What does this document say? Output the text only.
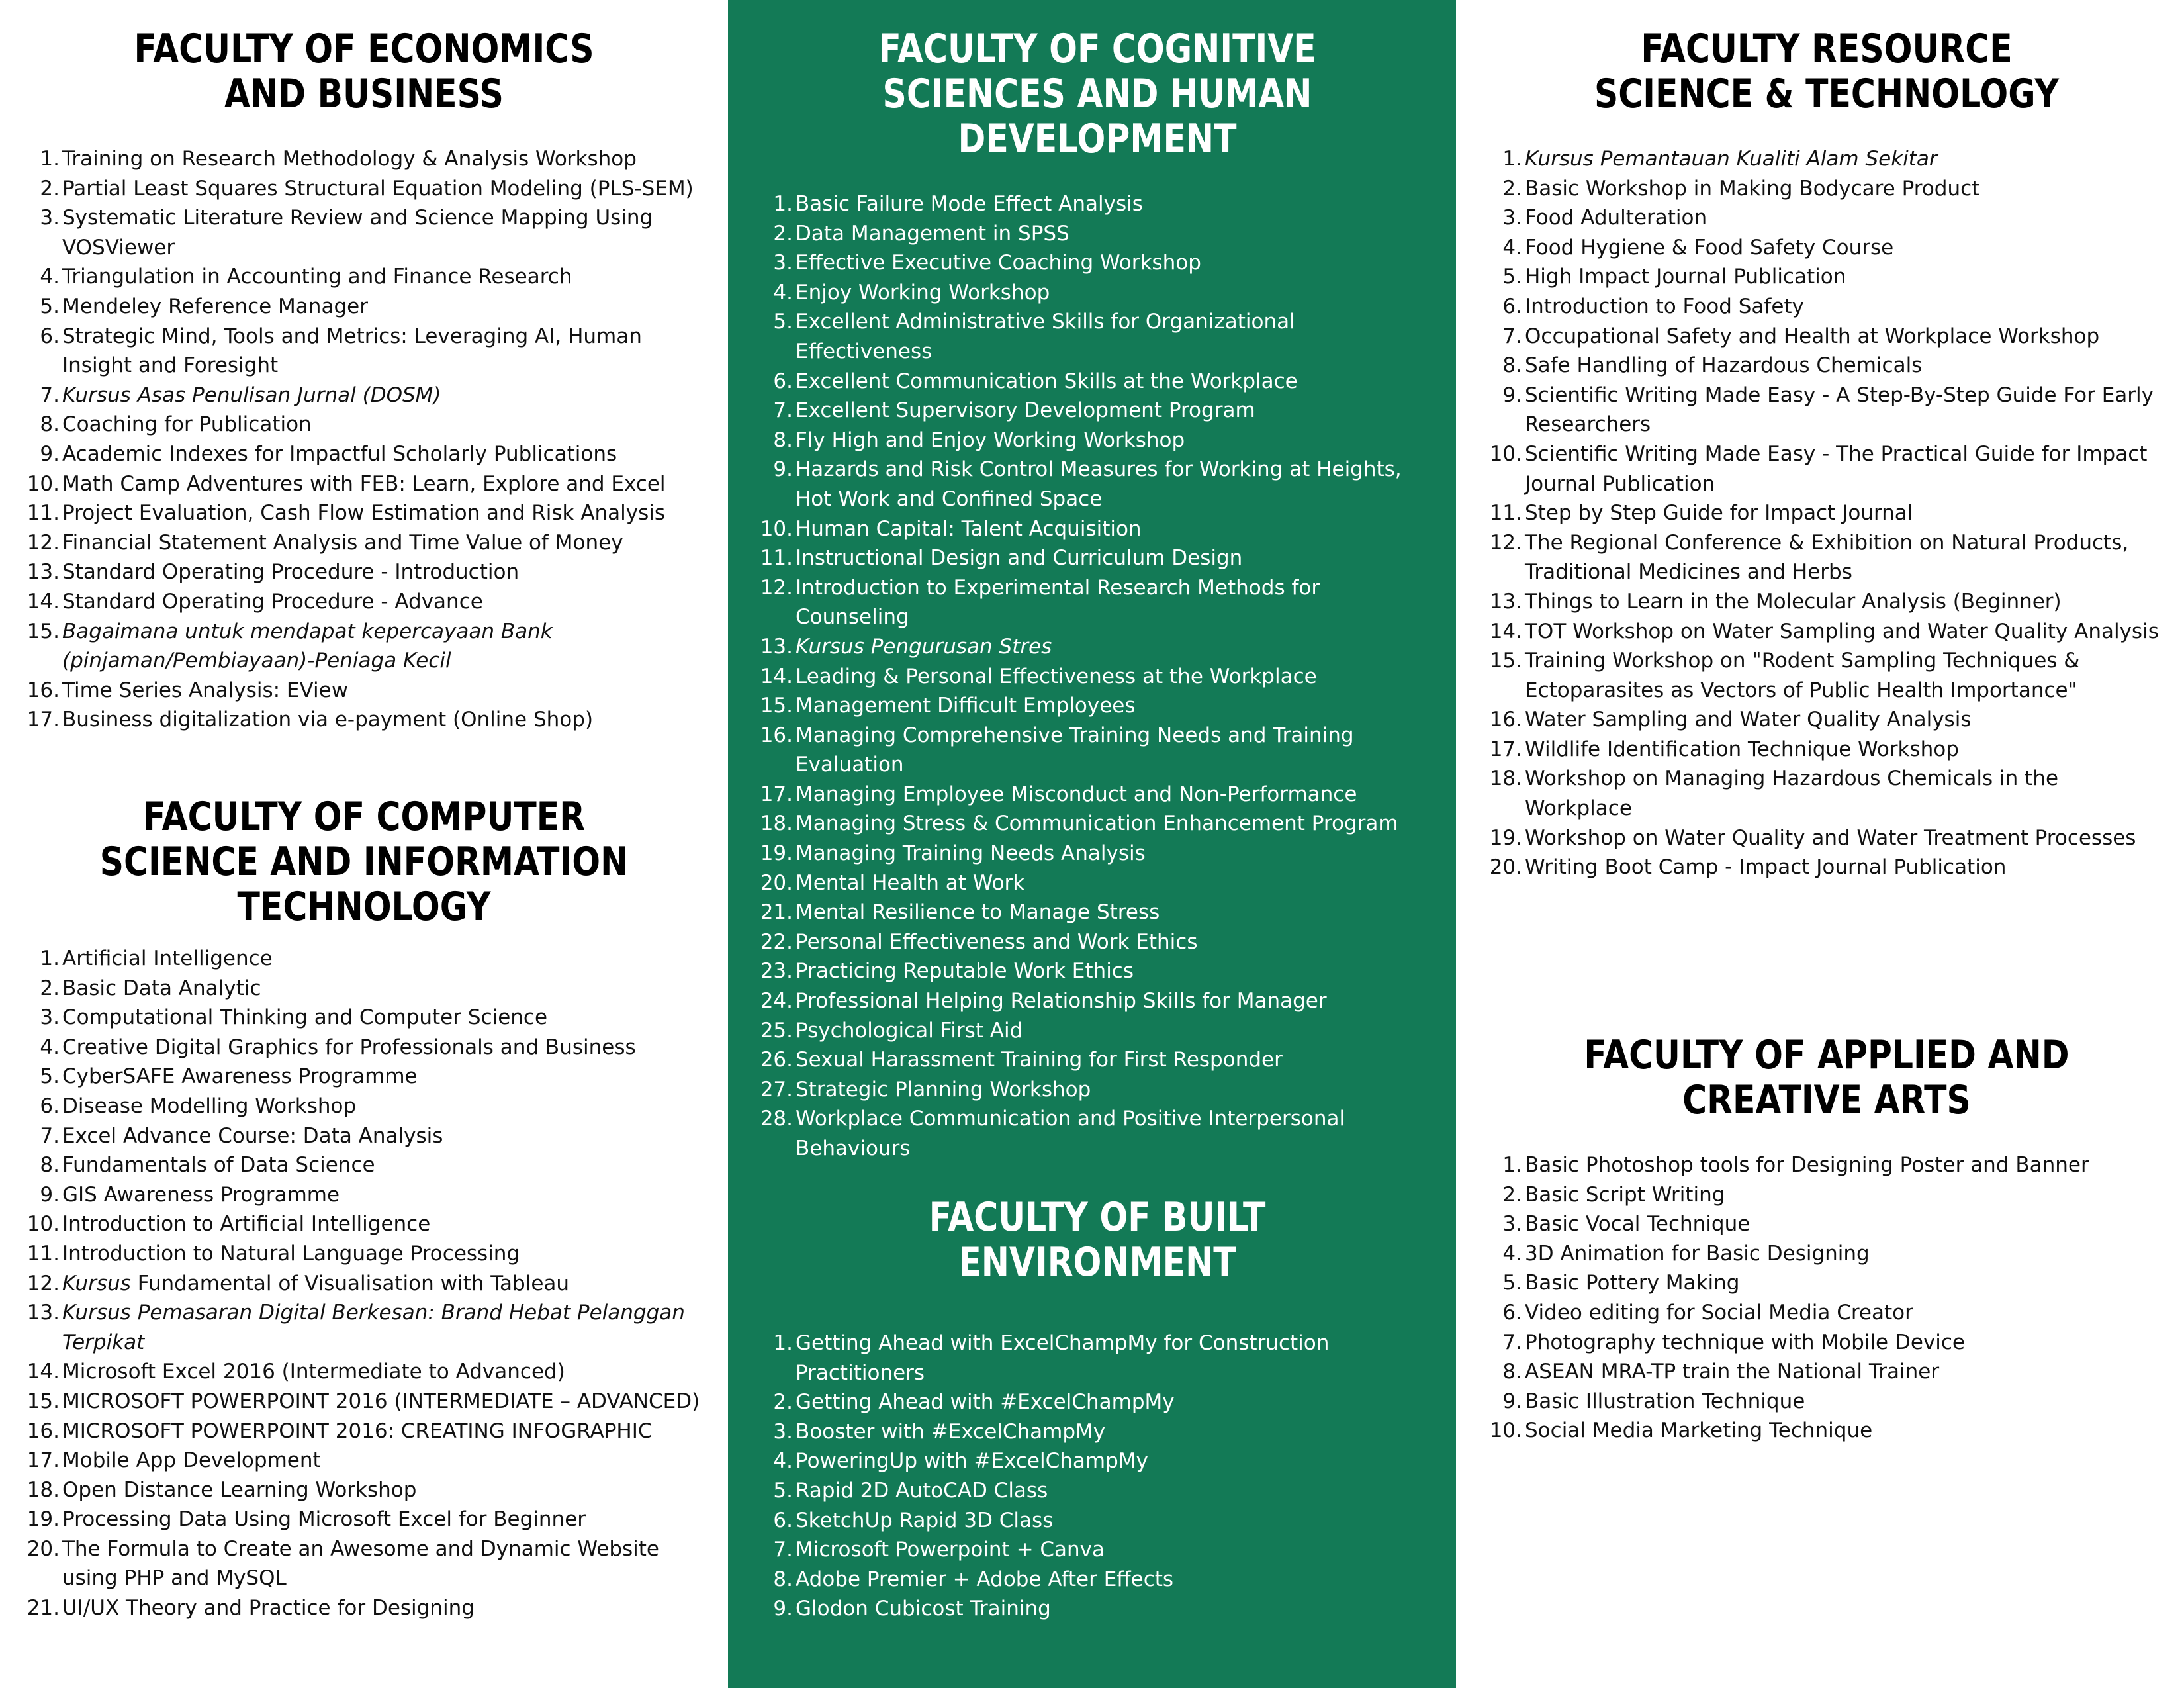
FACULTY OF ECONOMICS
AND BUSINESS
1. Training on Research Methodology & Analysis Workshop
2. Partial Least Squares Structural Equation Modeling (PLS-SEM)
3. Systematic Literature Review and Science Mapping Using VOSViewer
4. Triangulation in Accounting and Finance Research
5. Mendeley Reference Manager
6. Strategic Mind, Tools and Metrics: Leveraging AI, Human Insight and Foresight
7. Kursus Asas Penulisan Jurnal (DOSM)
8. Coaching for Publication
9. Academic Indexes for Impactful Scholarly Publications
10. Math Camp Adventures with FEB: Learn, Explore and Excel
11. Project Evaluation, Cash Flow Estimation and Risk Analysis
12. Financial Statement Analysis and Time Value of Money
13. Standard Operating Procedure - Introduction
14. Standard Operating Procedure - Advance
15. Bagaimana untuk mendapat kepercayaan Bank (pinjaman/Pembiayaan)-Peniaga Kecil
16. Time Series Analysis: EView
17. Business digitalization via e-payment (Online Shop)
FACULTY OF COMPUTER
SCIENCE AND INFORMATION
TECHNOLOGY
1. Artificial Intelligence
2. Basic Data Analytic
3. Computational Thinking and Computer Science
4. Creative Digital Graphics for Professionals and Business
5. CyberSAFE Awareness Programme
6. Disease Modelling Workshop
7. Excel Advance Course: Data Analysis
8. Fundamentals of Data Science
9. GIS Awareness Programme
10. Introduction to Artificial Intelligence
11. Introduction to Natural Language Processing
12. Kursus Fundamental of Visualisation with Tableau
13. Kursus Pemasaran Digital Berkesan: Brand Hebat Pelanggan Terpikat
14. Microsoft Excel 2016 (Intermediate to Advanced)
15. MICROSOFT POWERPOINT 2016 (INTERMEDIATE – ADVANCED)
16. MICROSOFT POWERPOINT 2016: CREATING INFOGRAPHIC
17. Mobile App Development
18. Open Distance Learning Workshop
19. Processing Data Using Microsoft Excel for Beginner
20. The Formula to Create an Awesome and Dynamic Website using PHP and MySQL
21. UI/UX Theory and Practice for Designing
FACULTY OF COGNITIVE
SCIENCES AND HUMAN
DEVELOPMENT
1. Basic Failure Mode Effect Analysis
2. Data Management in SPSS
3. Effective Executive Coaching Workshop
4. Enjoy Working Workshop
5. Excellent Administrative Skills for Organizational Effectiveness
6. Excellent Communication Skills at the Workplace
7. Excellent Supervisory Development Program
8. Fly High and Enjoy Working Workshop
9. Hazards and Risk Control Measures for Working at Heights, Hot Work and Confined Space
10. Human Capital: Talent Acquisition
11. Instructional Design and Curriculum Design
12. Introduction to Experimental Research Methods for Counseling
13. Kursus Pengurusan Stres
14. Leading & Personal Effectiveness at the Workplace
15. Management Difficult Employees
16. Managing Comprehensive Training Needs and Training Evaluation
17. Managing Employee Misconduct and Non-Performance
18. Managing Stress & Communication Enhancement Program
19. Managing Training Needs Analysis
20. Mental Health at Work
21. Mental Resilience to Manage Stress
22. Personal Effectiveness and Work Ethics
23. Practicing Reputable Work Ethics
24. Professional Helping Relationship Skills for Manager
25. Psychological First Aid
26. Sexual Harassment Training for First Responder
27. Strategic Planning Workshop
28. Workplace Communication and Positive Interpersonal Behaviours
FACULTY OF BUILT
ENVIRONMENT
1. Getting Ahead with ExcelChampMy for Construction Practitioners
2. Getting Ahead with #ExcelChampMy
3. Booster with #ExcelChampMy
4. PoweringUp with #ExcelChampMy
5. Rapid 2D AutoCAD Class
6. SketchUp Rapid 3D Class
7. Microsoft Powerpoint + Canva
8. Adobe Premier + Adobe After Effects
9. Glodon Cubicost Training
FACULTY RESOURCE
SCIENCE & TECHNOLOGY
1. Kursus Pemantauan Kualiti Alam Sekitar
2. Basic Workshop in Making Bodycare Product
3. Food Adulteration
4. Food Hygiene & Food Safety Course
5. High Impact Journal Publication
6. Introduction to Food Safety
7. Occupational Safety and Health at Workplace Workshop
8. Safe Handling of Hazardous Chemicals
9. Scientific Writing Made Easy - A Step-By-Step Guide For Early Researchers
10. Scientific Writing Made Easy - The Practical Guide for Impact Journal Publication
11. Step by Step Guide for Impact Journal
12. The Regional Conference & Exhibition on Natural Products, Traditional Medicines and Herbs
13. Things to Learn in the Molecular Analysis (Beginner)
14. TOT Workshop on Water Sampling and Water Quality Analysis
15. Training Workshop on "Rodent Sampling Techniques & Ectoparasites as Vectors of Public Health Importance"
16. Water Sampling and Water Quality Analysis
17. Wildlife Identification Technique Workshop
18. Workshop on Managing Hazardous Chemicals in the Workplace
19. Workshop on Water Quality and Water Treatment Processes
20. Writing Boot Camp - Impact Journal Publication
FACULTY OF APPLIED AND
CREATIVE ARTS
1. Basic Photoshop tools for Designing Poster and Banner
2. Basic Script Writing
3. Basic Vocal Technique
4. 3D Animation for Basic Designing
5. Basic Pottery Making
6. Video editing for Social Media Creator
7. Photography technique with Mobile Device
8. ASEAN MRA-TP train the National Trainer
9. Basic Illustration Technique
10. Social Media Marketing Technique
